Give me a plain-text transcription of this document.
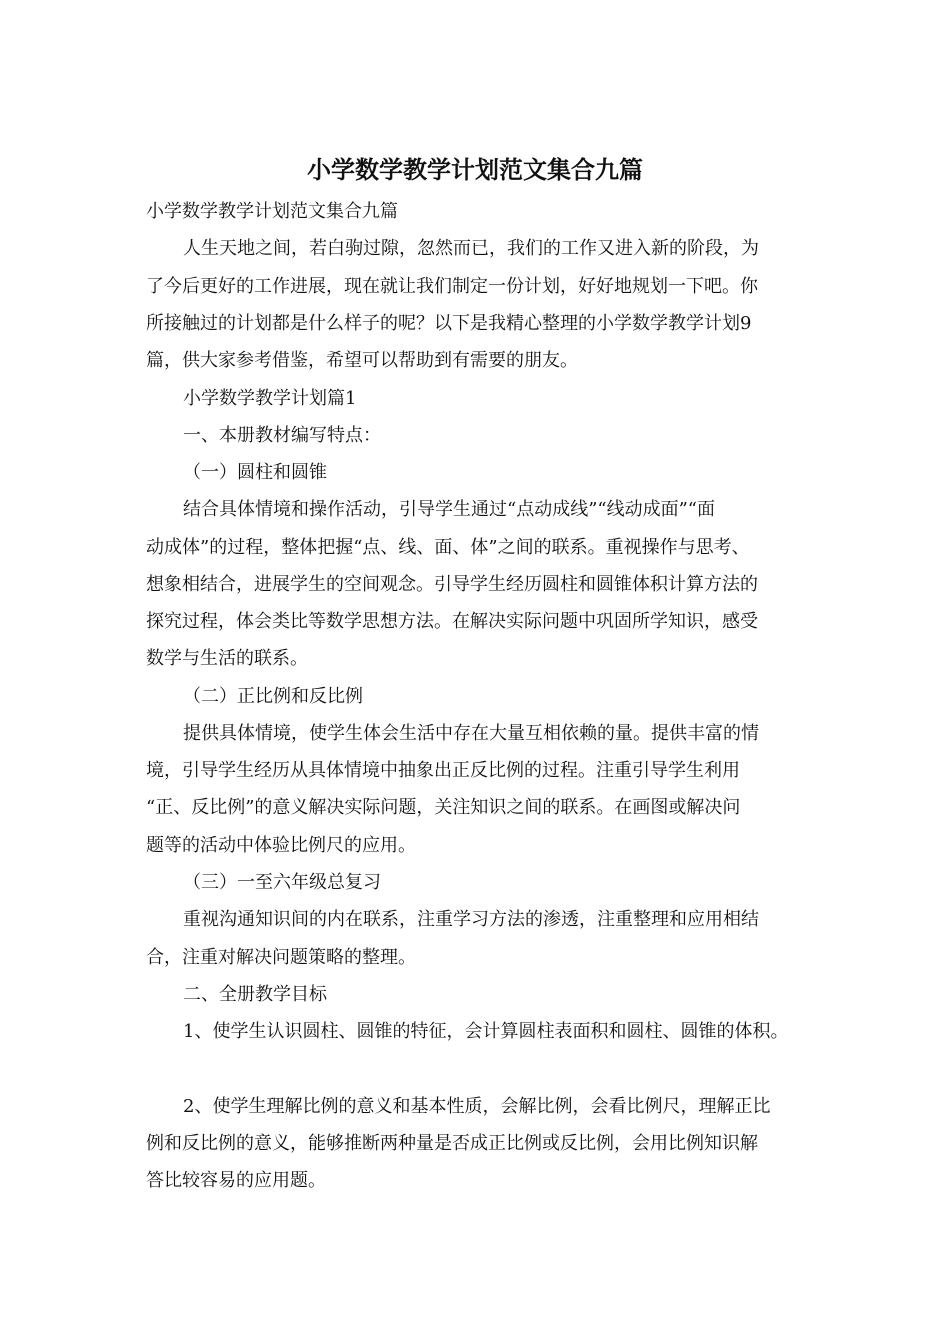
小学数学教学计划范文集合九篇

小学数学教学计划范文集合九篇

人生天地之间，若白驹过隙，忽然而已，我们的工作又进入新的阶段，为

了今后更好的工作进展，现在就让我们制定一份计划，好好地规划一下吧。你

所接触过的计划都是什么样子的呢？以下是我精心整理的小学数学教学计划9

篇，供大家参考借鉴，希望可以帮助到有需要的朋友。

小学数学教学计划篇1

一、本册教材编写特点：

（一）圆柱和圆锥

结合具体情境和操作活动，引导学生通过“点动成线”“线动成面”“面

动成体”的过程，整体把握“点、线、面、体”之间的联系。重视操作与思考、

想象相结合，进展学生的空间观念。引导学生经历圆柱和圆锥体积计算方法的

探究过程，体会类比等数学思想方法。在解决实际问题中巩固所学知识，感受

数学与生活的联系。

（二）正比例和反比例

提供具体情境，使学生体会生活中存在大量互相依赖的量。提供丰富的情

境，引导学生经历从具体情境中抽象出正反比例的过程。注重引导学生利用

“正、反比例”的意义解决实际问题，关注知识之间的联系。在画图或解决问

题等的活动中体验比例尺的应用。

（三）一至六年级总复习

重视沟通知识间的内在联系，注重学习方法的渗透，注重整理和应用相结

合，注重对解决问题策略的整理。

二、全册教学目标

1、使学生认识圆柱、圆锥的特征，会计算圆柱表面积和圆柱、圆锥的体积。

2、使学生理解比例的意义和基本性质，会解比例，会看比例尺，理解正比

例和反比例的意义，能够推断两种量是否成正比例或反比例，会用比例知识解

答比较容易的应用题。
